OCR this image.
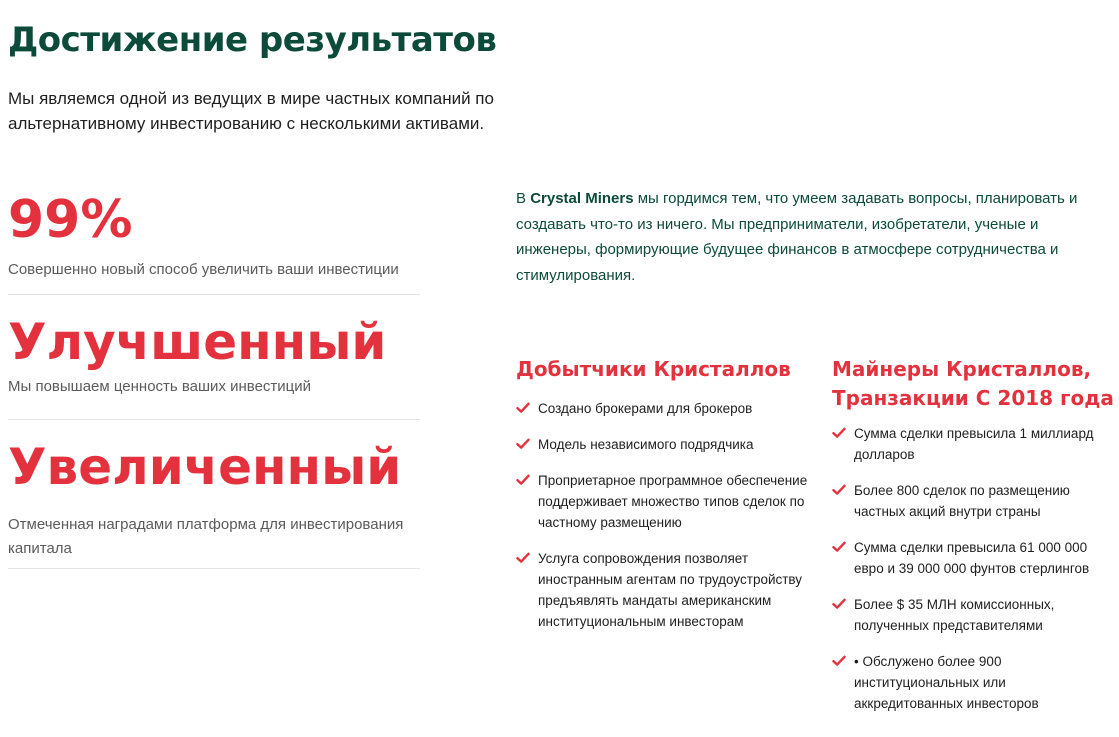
Достижение результатов

Мы являемся одной из ведущих в мире частных компаний по альтернативному инвестированию с несколькими активами.

99%
Совершенно новый способ увеличить ваши инвестиции
Улучшенный
Мы повышаем ценность ваших инвестиций
Увеличенный
Отмеченная наградами платформа для инвестирования капитала

В Crystal Miners мы гордимся тем, что умеем задавать вопросы, планировать и создавать что-то из ничего. Мы предприниматели, изобретатели, ученые и инженеры, формирующие будущее финансов в атмосфере сотрудничества и стимулирования.

Добытчики Кристаллов
Создано брокерами для брокеров
Модель независимого подрядчика
Проприетарное программное обеспечение поддерживает множество типов сделок по частному размещению
Услуга сопровождения позволяет иностранным агентам по трудоустройству предъявлять мандаты американским институциональным инвесторам
Майнеры Кристаллов, Транзакции С 2018 года
Сумма сделки превысила 1 миллиард долларов
Более 800 сделок по размещению частных акций внутри страны
Сумма сделки превысила 61 000 000 евро и 39 000 000 фунтов стерлингов
Более $ 35 МЛН комиссионных, полученных представителями
• Обслужено более 900 институциональных или аккредитованных инвесторов
